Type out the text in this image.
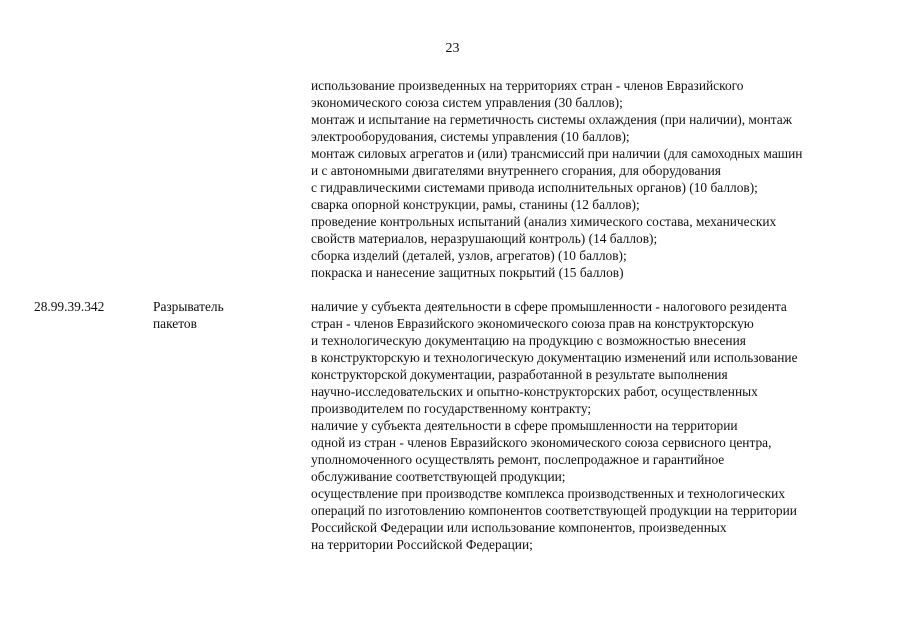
23
использование произведенных на территориях стран - членов Евразийского
экономического союза систем управления (30 баллов);
монтаж и испытание на герметичность системы охлаждения (при наличии), монтаж
электрооборудования, системы управления (10 баллов);
монтаж силовых агрегатов и (или) трансмиссий при наличии (для самоходных машин
и с автономными двигателями внутреннего сгорания, для оборудования
с гидравлическими системами привода исполнительных органов) (10 баллов);
сварка опорной конструкции, рамы, станины (12 баллов);
проведение контрольных испытаний (анализ химического состава, механических
свойств материалов, неразрушающий контроль) (14 баллов);
сборка изделий (деталей, узлов, агрегатов) (10 баллов);
покраска и нанесение защитных покрытий (15 баллов)
28.99.39.342	Разрыватель
пакетов
наличие у субъекта деятельности в сфере промышленности - налогового резидента
стран - членов Евразийского экономического союза прав на конструкторскую
и технологическую документацию на продукцию с возможностью внесения
в конструкторскую и технологическую документацию изменений или использование
конструкторской документации, разработанной в результате выполнения
научно-исследовательских и опытно-конструкторских работ, осуществленных
производителем по государственному контракту;
наличие у субъекта деятельности в сфере промышленности на территории
одной из стран - членов Евразийского экономического союза сервисного центра,
уполномоченного осуществлять ремонт, послепродажное и гарантийное
обслуживание соответствующей продукции;
осуществление при производстве комплекса производственных и технологических
операций по изготовлению компонентов соответствующей продукции на территории
Российской Федерации или использование компонентов, произведенных
на территории Российской Федерации;
